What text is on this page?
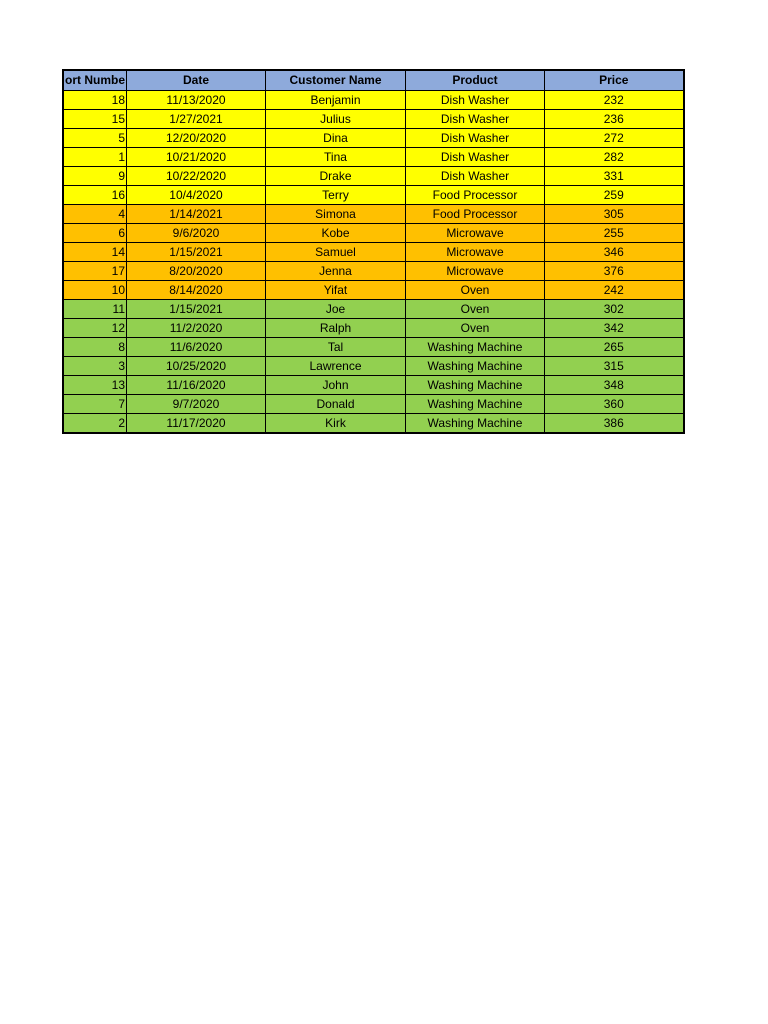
ort Numbe	Date	Customer Name	Product	Price
18	11/13/2020	Benjamin	Dish Washer	232
15	1/27/2021	Julius	Dish Washer	236
5	12/20/2020	Dina	Dish Washer	272
1	10/21/2020	Tina	Dish Washer	282
9	10/22/2020	Drake	Dish Washer	331
16	10/4/2020	Terry	Food Processor	259
4	1/14/2021	Simona	Food Processor	305
6	9/6/2020	Kobe	Microwave	255
14	1/15/2021	Samuel	Microwave	346
17	8/20/2020	Jenna	Microwave	376
10	8/14/2020	Yifat	Oven	242
11	1/15/2021	Joe	Oven	302
12	11/2/2020	Ralph	Oven	342
8	11/6/2020	Tal	Washing Machine	265
3	10/25/2020	Lawrence	Washing Machine	315
13	11/16/2020	John	Washing Machine	348
7	9/7/2020	Donald	Washing Machine	360
2	11/17/2020	Kirk	Washing Machine	386
